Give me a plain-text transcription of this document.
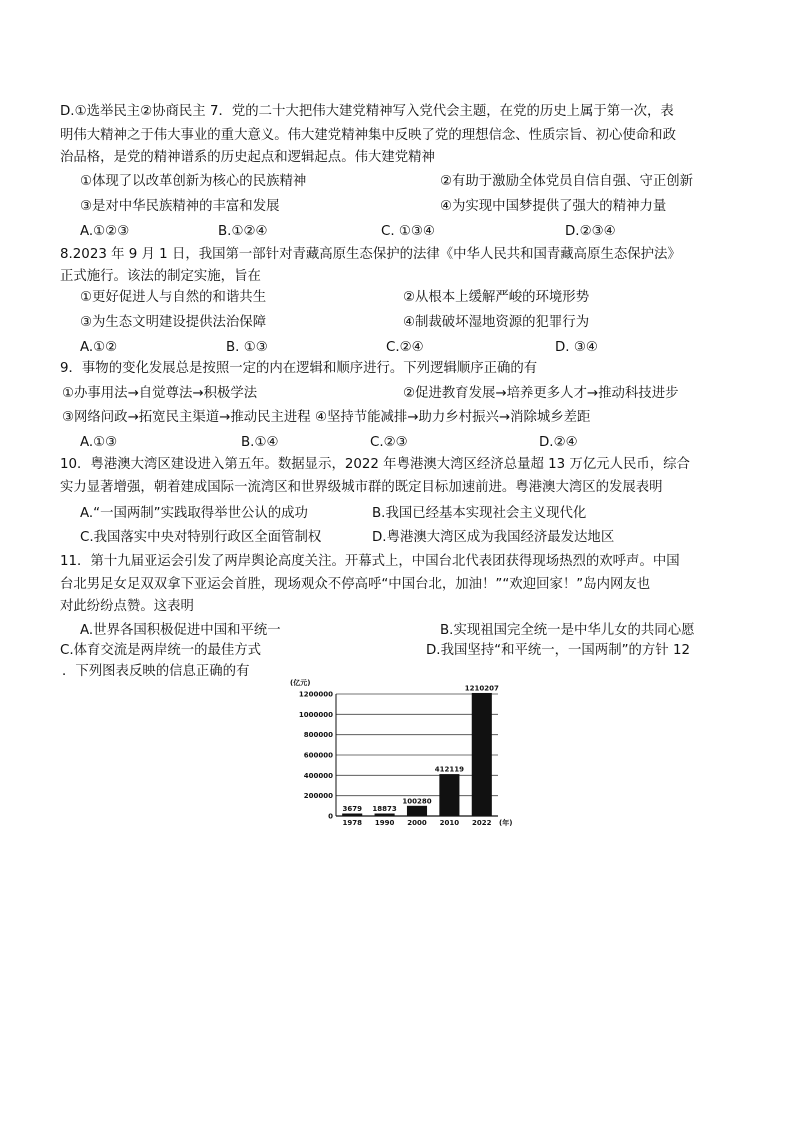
D.①选举民主②协商民主 7．党的二十大把伟大建党精神写入党代会主题，在党的历史上属于第一次，表
明伟大精神之于伟大事业的重大意义。伟大建党精神集中反映了党的理想信念、性质宗旨、初心使命和政
治品格，是党的精神谱系的历史起点和逻辑起点。伟大建党精神
①体现了以改革创新为核心的民族精神	②有助于激励全体党员自信自强、守正创新
③是对中华民族精神的丰富和发展	④为实现中国梦提供了强大的精神力量
A.①②③	B.①②④	C. ①③④	D.②③④
8.2023 年 9 月 1 日，我国第一部针对青藏高原生态保护的法律《中华人民共和国青藏高原生态保护法》
正式施行。该法的制定实施，旨在
①更好促进人与自然的和谐共生	②从根本上缓解严峻的环境形势
③为生态文明建设提供法治保障	④制裁破坏湿地资源的犯罪行为
A.①②	B. ①③	C.②④	D. ③④
9．事物的变化发展总是按照一定的内在逻辑和顺序进行。下列逻辑顺序正确的有
①办事用法→自觉尊法→积极学法	②促进教育发展→培养更多人才→推动科技进步
③网络问政→拓宽民主渠道→推动民主进程 ④坚持节能减排→助力乡村振兴→消除城乡差距
A.①③	B.①④	C.②③	D.②④
10．粤港澳大湾区建设进入第五年。数据显示，2022 年粤港澳大湾区经济总量超 13 万亿元人民币，综合
实力显著增强，朝着建成国际一流湾区和世界级城市群的既定目标加速前进。粤港澳大湾区的发展表明
A.“一国两制”实践取得举世公认的成功	B.我国已经基本实现社会主义现代化
C.我国落实中央对特别行政区全面管制权	D.粤港澳大湾区成为我国经济最发达地区
11．第十九届亚运会引发了两岸舆论高度关注。开幕式上，中国台北代表团获得现场热烈的欢呼声。中国
台北男足女足双双拿下亚运会首胜，现场观众不停高呼“中国台北，加油！”“欢迎回家！”岛内网友也
对此纷纷点赞。这表明
A.世界各国积极促进中国和平统一	B.实现祖国完全统一是中华儿女的共同心愿
C.体育交流是两岸统一的最佳方式	D.我国坚持“和平统一，一国两制”的方针 12
．下列图表反映的信息正确的有
(亿元)
1200000
1000000
800000
600000
400000
200000
0
3679
1978
18873
1990
100280
2000
412119
2010
1210207
2022 (年)
